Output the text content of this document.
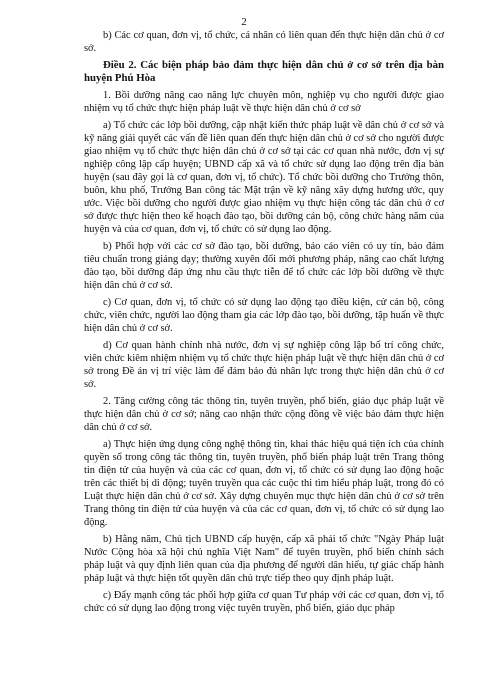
2

b) Các cơ quan, đơn vị, tổ chức, cá nhân có liên quan đến thực hiện dân chủ ở cơ sở.

Điều 2. Các biện pháp bảo đảm thực hiện dân chủ ở cơ sở trên địa bàn huyện Phú Hòa

1. Bồi dưỡng nâng cao năng lực chuyên môn, nghiệp vụ cho người được giao nhiệm vụ tổ chức thực hiện pháp luật về thực hiện dân chủ ở cơ sở

a) Tổ chức các lớp bồi dưỡng, cập nhật kiến thức pháp luật về dân chủ ở cơ sở và kỹ năng giải quyết các vấn đề liên quan đến thực hiện dân chủ ở cơ sở cho người được giao nhiệm vụ tổ chức thực hiện dân chủ ở cơ sở tại các cơ quan nhà nước, đơn vị sự nghiệp công lập cấp huyện; UBND cấp xã và tổ chức sử dụng lao động trên địa bàn huyện (sau đây gọi là cơ quan, đơn vị, tổ chức). Tổ chức bồi dưỡng cho Trưởng thôn, buôn, khu phố, Trưởng Ban công tác Mặt trận về kỹ năng xây dựng hương ước, quy ước. Việc bồi dưỡng cho người được giao nhiệm vụ thực hiện công tác dân chủ ở cơ sở được thực hiện theo kế hoạch đào tạo, bồi dưỡng cán bộ, công chức hàng năm của huyện và của cơ quan, đơn vị, tổ chức có sử dụng lao động.

b) Phối hợp với các cơ sở đào tạo, bồi dưỡng, báo cáo viên có uy tín, bảo đảm tiêu chuẩn trong giảng dạy; thường xuyên đổi mới phương pháp, nâng cao chất lượng đào tạo, bồi dưỡng đáp ứng nhu cầu thực tiễn để tổ chức các lớp bồi dưỡng về thực hiện dân chủ ở cơ sở.

c) Cơ quan, đơn vị, tổ chức có sử dụng lao động tạo điều kiện, cử cán bộ, công chức, viên chức, người lao động tham gia các lớp đào tạo, bồi dưỡng, tập huấn về thực hiện dân chủ ở cơ sở.

d) Cơ quan hành chính nhà nước, đơn vị sự nghiệp công lập bố trí công chức, viên chức kiêm nhiệm nhiệm vụ tổ chức thực hiện pháp luật về thực hiện dân chủ ở cơ sở trong Đề án vị trí việc làm để đảm bảo đủ nhân lực trong thực hiện dân chủ ở cơ sở.

2. Tăng cường công tác thông tin, tuyên truyền, phổ biến, giáo dục pháp luật về thực hiện dân chủ ở cơ sở; nâng cao nhận thức cộng đồng về việc bảo đảm thực hiện dân chủ ở cơ sở.

a) Thực hiện ứng dụng công nghệ thông tin, khai thác hiệu quả tiện ích của chính quyền số trong công tác thông tin, tuyên truyền, phổ biến pháp luật trên Trang thông tin điện tử của huyện và của các cơ quan, đơn vị, tổ chức có sử dụng lao động hoặc trên các thiết bị di động; tuyên truyền qua các cuộc thi tìm hiểu pháp luật, trong đó có Luật thực hiện dân chủ ở cơ sở. Xây dựng chuyên mục thực hiện dân chủ ở cơ sở trên Trang thông tin điện tử của huyện và của các cơ quan, đơn vị, tổ chức có sử dụng lao động.

b) Hằng năm, Chủ tịch UBND cấp huyện, cấp xã phải tổ chức "Ngày Pháp luật Nước Cộng hòa xã hội chủ nghĩa Việt Nam" để tuyên truyền, phổ biến chính sách pháp luật và quy định liên quan của địa phương để người dân hiểu, tự giác chấp hành pháp luật và thực hiện tốt quyền dân chủ trực tiếp theo quy định pháp luật.

c) Đẩy mạnh công tác phối hợp giữa cơ quan Tư pháp với các cơ quan, đơn vị, tổ chức có sử dụng lao động trong việc tuyên truyền, phổ biến, giáo dục pháp
